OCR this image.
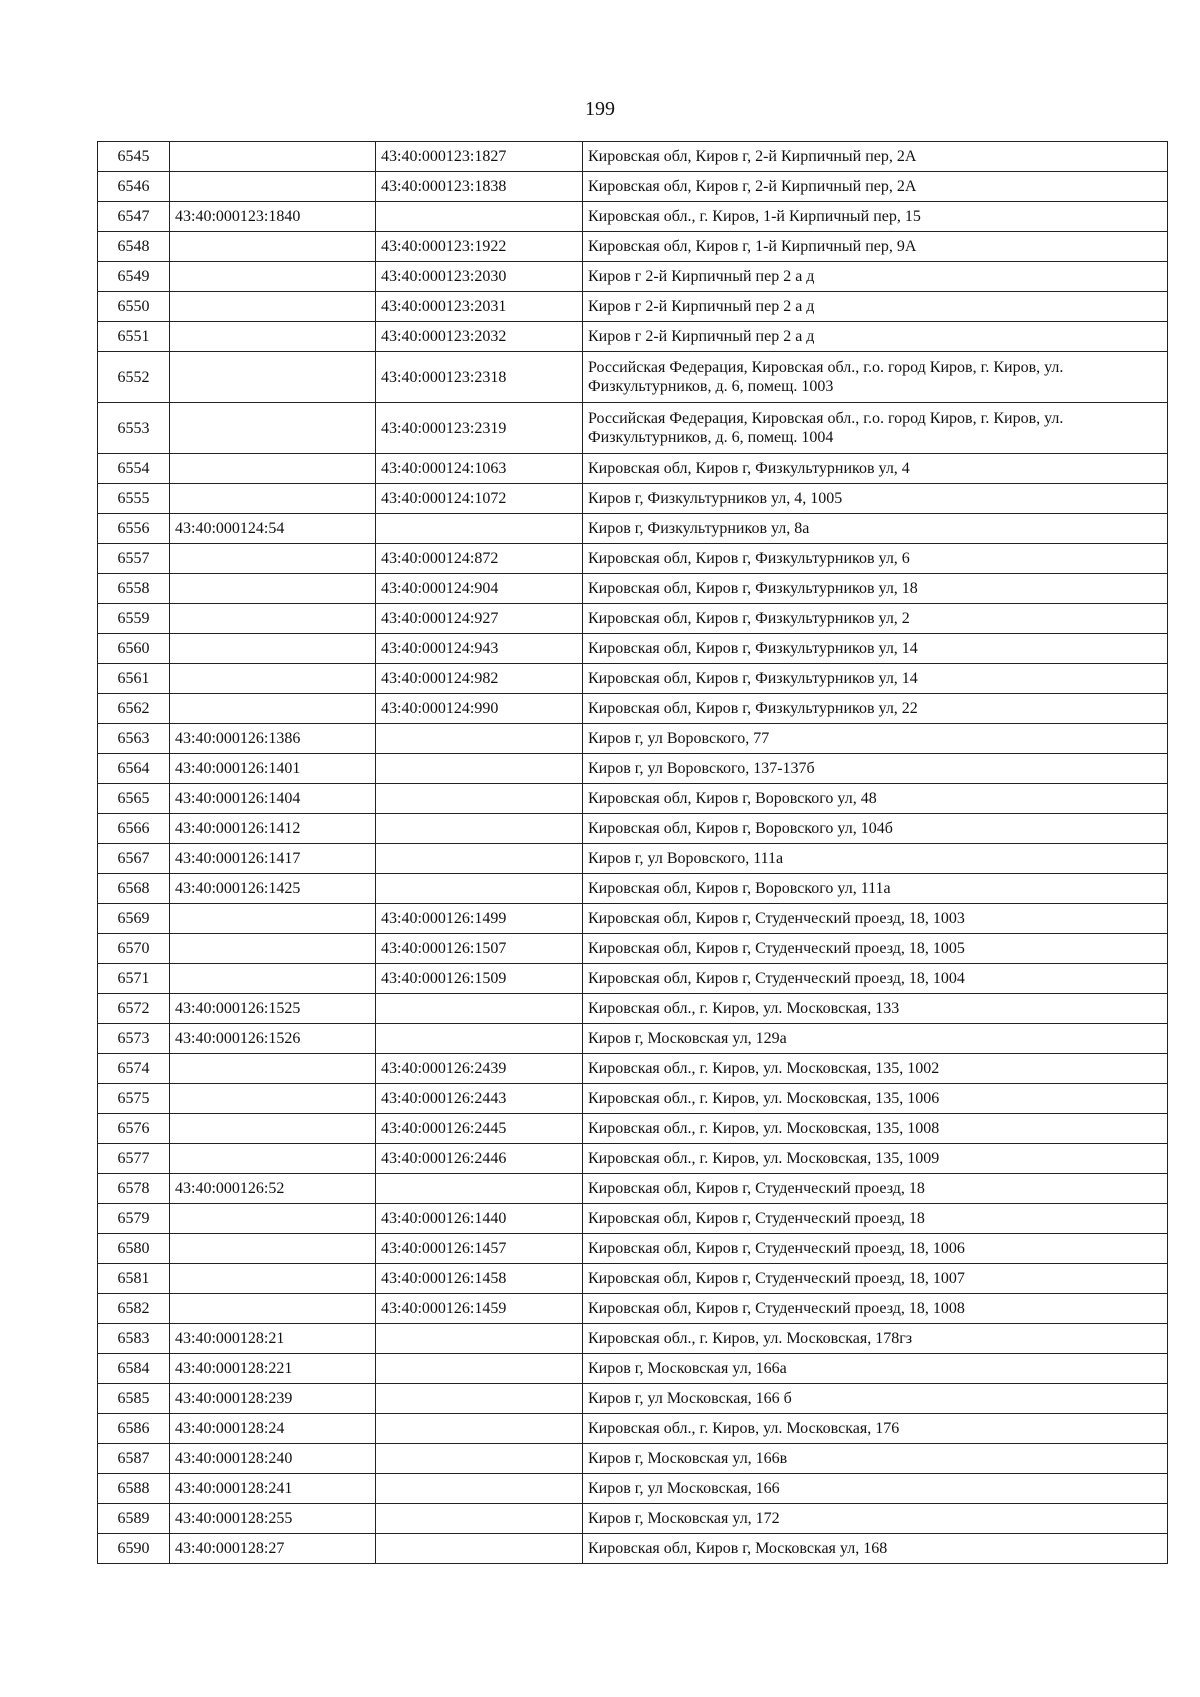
199
6545		43:40:000123:1827	Кировская обл, Киров г, 2-й Кирпичный пер, 2А
6546		43:40:000123:1838	Кировская обл, Киров г, 2-й Кирпичный пер, 2А
6547	43:40:000123:1840		Кировская обл., г. Киров, 1-й Кирпичный пер, 15
6548		43:40:000123:1922	Кировская обл, Киров г, 1-й Кирпичный пер, 9А
6549		43:40:000123:2030	Киров г 2-й Кирпичный пер 2 а д
6550		43:40:000123:2031	Киров г 2-й Кирпичный пер 2 а д
6551		43:40:000123:2032	Киров г 2-й Кирпичный пер 2 а д
6552		43:40:000123:2318	Российская Федерация, Кировская обл., г.о. город Киров, г. Киров, ул. Физкультурников, д. 6, помещ. 1003
6553		43:40:000123:2319	Российская Федерация, Кировская обл., г.о. город Киров, г. Киров, ул. Физкультурников, д. 6, помещ. 1004
6554		43:40:000124:1063	Кировская обл, Киров г, Физкультурников ул, 4
6555		43:40:000124:1072	Киров г, Физкультурников ул, 4, 1005
6556	43:40:000124:54		Киров г, Физкультурников ул, 8а
6557		43:40:000124:872	Кировская обл, Киров г, Физкультурников ул, 6
6558		43:40:000124:904	Кировская обл, Киров г, Физкультурников ул, 18
6559		43:40:000124:927	Кировская обл, Киров г, Физкультурников ул, 2
6560		43:40:000124:943	Кировская обл, Киров г, Физкультурников ул, 14
6561		43:40:000124:982	Кировская обл, Киров г, Физкультурников ул, 14
6562		43:40:000124:990	Кировская обл, Киров г, Физкультурников ул, 22
6563	43:40:000126:1386		Киров г, ул Воровского, 77
6564	43:40:000126:1401		Киров г, ул Воровского, 137-137б
6565	43:40:000126:1404		Кировская обл, Киров г, Воровского ул, 48
6566	43:40:000126:1412		Кировская обл, Киров г, Воровского ул, 104б
6567	43:40:000126:1417		Киров г, ул Воровского, 111а
6568	43:40:000126:1425		Кировская обл, Киров г, Воровского ул, 111а
6569		43:40:000126:1499	Кировская обл, Киров г, Студенческий проезд, 18, 1003
6570		43:40:000126:1507	Кировская обл, Киров г, Студенческий проезд, 18, 1005
6571		43:40:000126:1509	Кировская обл, Киров г, Студенческий проезд, 18, 1004
6572	43:40:000126:1525		Кировская обл., г. Киров, ул. Московская, 133
6573	43:40:000126:1526		Киров г, Московская ул, 129а
6574		43:40:000126:2439	Кировская обл., г. Киров, ул. Московская, 135, 1002
6575		43:40:000126:2443	Кировская обл., г. Киров, ул. Московская, 135, 1006
6576		43:40:000126:2445	Кировская обл., г. Киров, ул. Московская, 135, 1008
6577		43:40:000126:2446	Кировская обл., г. Киров, ул. Московская, 135, 1009
6578	43:40:000126:52		Кировская обл, Киров г, Студенческий проезд, 18
6579		43:40:000126:1440	Кировская обл, Киров г, Студенческий проезд, 18
6580		43:40:000126:1457	Кировская обл, Киров г, Студенческий проезд, 18, 1006
6581		43:40:000126:1458	Кировская обл, Киров г, Студенческий проезд, 18, 1007
6582		43:40:000126:1459	Кировская обл, Киров г, Студенческий проезд, 18, 1008
6583	43:40:000128:21		Кировская обл., г. Киров, ул. Московская, 178гз
6584	43:40:000128:221		Киров г, Московская ул, 166а
6585	43:40:000128:239		Киров г, ул Московская, 166 б
6586	43:40:000128:24		Кировская обл., г. Киров, ул. Московская, 176
6587	43:40:000128:240		Киров г, Московская ул, 166в
6588	43:40:000128:241		Киров г, ул Московская, 166
6589	43:40:000128:255		Киров г, Московская ул, 172
6590	43:40:000128:27		Кировская обл, Киров г, Московская ул, 168
